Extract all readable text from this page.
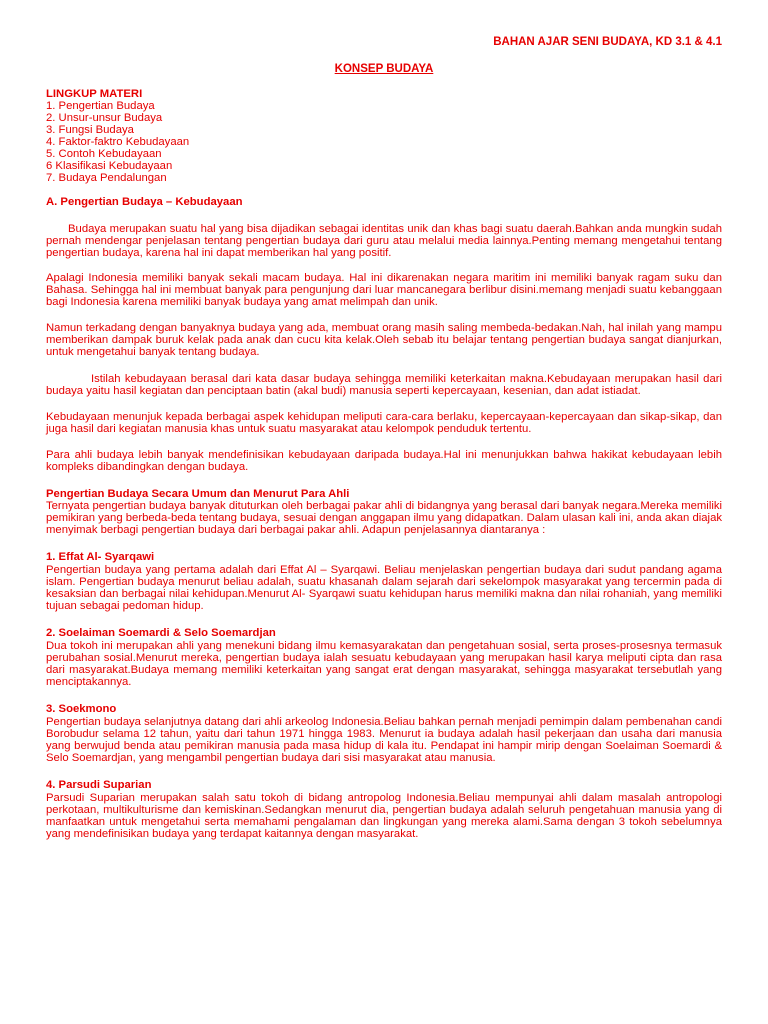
BAHAN AJAR SENI BUDAYA, KD 3.1 & 4.1
KONSEP BUDAYA
LINGKUP MATERI
1. Pengertian Budaya
2. Unsur-unsur Budaya
3. Fungsi Budaya
4. Faktor-faktro Kebudayaan
5. Contoh Kebudayaan
6 Klasifikasi Kebudayaan
7. Budaya Pendalungan
A. Pengertian Budaya – Kebudayaan

Budaya merupakan suatu hal yang bisa dijadikan sebagai identitas unik dan khas bagi suatu daerah.Bahkan anda mungkin sudah pernah mendengar penjelasan tentang pengertian budaya dari guru atau melalui media lainnya.Penting memang mengetahui tentang pengertian budaya, karena hal ini dapat memberikan hal yang positif.

Apalagi Indonesia memiliki banyak sekali macam budaya. Hal ini dikarenakan negara maritim ini memiliki banyak ragam suku dan Bahasa. Sehingga hal ini membuat banyak para pengunjung dari luar mancanegara berlibur disini.memang menjadi suatu kebanggaan bagi Indonesia karena memiliki banyak budaya yang amat melimpah dan unik.

Namun terkadang dengan banyaknya budaya yang ada, membuat orang masih saling membeda-bedakan.Nah, hal inilah yang mampu memberikan dampak buruk kelak pada anak dan cucu kita kelak.Oleh sebab itu belajar tentang pengertian budaya sangat dianjurkan, untuk mengetahui banyak tentang budaya.

Istilah kebudayaan berasal dari kata dasar budaya sehingga memiliki keterkaitan makna.Kebudayaan merupakan hasil dari budaya yaitu hasil kegiatan dan penciptaan batin (akal budi) manusia seperti kepercayaan, kesenian, dan adat istiadat.

Kebudayaan menunjuk kepada berbagai aspek kehidupan meliputi cara-cara berlaku, kepercayaan-kepercayaan dan sikap-sikap, dan juga hasil dari kegiatan manusia khas untuk suatu masyarakat atau kelompok penduduk tertentu.

Para ahli budaya lebih banyak mendefinisikan kebudayaan daripada budaya.Hal ini menunjukkan bahwa hakikat kebudayaan lebih kompleks dibandingkan dengan budaya.

Pengertian Budaya Secara Umum dan Menurut Para Ahli

Ternyata pengertian budaya banyak dituturkan oleh berbagai pakar ahli di bidangnya yang berasal dari banyak negara.Mereka memiliki pemikiran yang berbeda-beda tentang budaya, sesuai dengan anggapan ilmu yang didapatkan. Dalam ulasan kali ini, anda akan diajak menyimak berbagi pengertian budaya dari berbagai pakar ahli. Adapun penjelasannya diantaranya :

1. Effat Al- Syarqawi

Pengertian budaya yang pertama adalah dari Effat Al – Syarqawi. Beliau menjelaskan pengertian budaya dari sudut pandang agama islam. Pengertian budaya menurut beliau adalah, suatu khasanah dalam sejarah dari sekelompok masyarakat yang tercermin pada di kesaksian dan berbagai nilai kehidupan.Menurut Al- Syarqawi suatu kehidupan harus memiliki makna dan nilai rohaniah, yang memiliki tujuan sebagai pedoman hidup.

2. Soelaiman Soemardi & Selo Soemardjan

Dua tokoh ini merupakan ahli yang menekuni bidang ilmu kemasyarakatan dan pengetahuan sosial, serta proses-prosesnya termasuk perubahan sosial.Menurut mereka, pengertian budaya ialah sesuatu kebudayaan yang merupakan hasil karya meliputi cipta dan rasa dari masyarakat.Budaya memang memiliki keterkaitan yang sangat erat dengan masyarakat, sehingga masyarakat tersebutlah yang menciptakannya.

3. Soekmono

Pengertian budaya selanjutnya datang dari ahli arkeolog Indonesia.Beliau bahkan pernah menjadi pemimpin dalam pembenahan candi Borobudur selama 12 tahun, yaitu dari tahun 1971 hingga 1983. Menurut ia budaya adalah hasil pekerjaan dan usaha dari manusia yang berwujud benda atau pemikiran manusia pada masa hidup di kala itu. Pendapat ini hampir mirip dengan Soelaiman Soemardi & Selo Soemardjan, yang mengambil pengertian budaya dari sisi masyarakat atau manusia.

4. Parsudi Suparian

Parsudi Suparian merupakan salah satu tokoh di bidang antropolog Indonesia.Beliau mempunyai ahli dalam masalah antropologi perkotaan, multikulturisme dan kemiskinan.Sedangkan menurut dia, pengertian budaya adalah seluruh pengetahuan manusia yang di manfaatkan untuk mengetahui serta memahami pengalaman dan lingkungan yang mereka alami.Sama dengan 3 tokoh sebelumnya yang mendefinisikan budaya yang terdapat kaitannya dengan masyarakat.
